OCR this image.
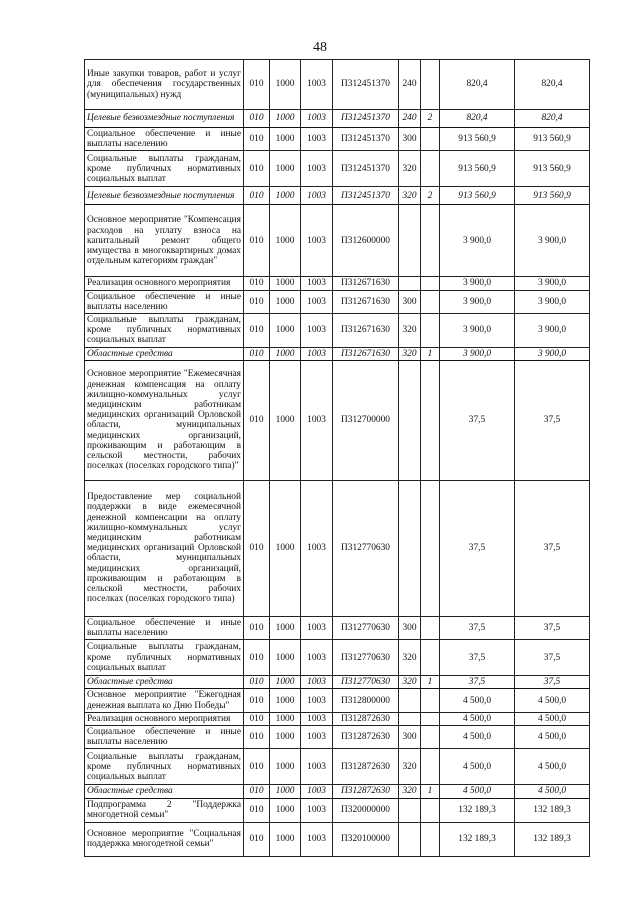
48
Иные закупки товаров, работ и услуг для обеспечения государственных (муниципальных) нужд	010	1000	1003	П312451370	240		820,4	820,4
Целевые безвозмездные поступления	010	1000	1003	П312451370	240	2	820,4	820,4
Социальное обеспечение и иные выплаты населению	010	1000	1003	П312451370	300		913 560,9	913 560,9
Социальные выплаты гражданам, кроме публичных нормативных социальных выплат	010	1000	1003	П312451370	320		913 560,9	913 560,9
Целевые безвозмездные поступления	010	1000	1003	П312451370	320	2	913 560,9	913 560,9
Основное мероприятие "Компенсация расходов на уплату взноса на капитальный ремонт общего имущества в многоквартирных домах отдельным категориям граждан"	010	1000	1003	П312600000			3 900,0	3 900,0
Реализация основного мероприятия	010	1000	1003	П312671630			3 900,0	3 900,0
Социальное обеспечение и иные выплаты населению	010	1000	1003	П312671630	300		3 900,0	3 900,0
Социальные выплаты гражданам, кроме публичных нормативных социальных выплат	010	1000	1003	П312671630	320		3 900,0	3 900,0
Областные средства	010	1000	1003	П312671630	320	1	3 900,0	3 900,0
Основное мероприятие "Ежемесячная денежная компенсация на оплату жилищно-коммунальных услуг медицинским работникам медицинских организаций Орловской области, муниципальных медицинских организаций, проживающим и работающим в сельской местности, рабочих поселках (поселках городского типа)"	010	1000	1003	П312700000			37,5	37,5
Предоставление мер социальной поддержки в виде ежемесячной денежной компенсации на оплату жилищно-коммунальных услуг медицинским работникам медицинских организаций Орловской области, муниципальных медицинских организаций, проживающим и работающим в сельской местности, рабочих поселках (поселках городского типа)	010	1000	1003	П312770630			37,5	37,5
Социальное обеспечение и иные выплаты населению	010	1000	1003	П312770630	300		37,5	37,5
Социальные выплаты гражданам, кроме публичных нормативных социальных выплат	010	1000	1003	П312770630	320		37,5	37,5
Областные средства	010	1000	1003	П312770630	320	1	37,5	37,5
Основное мероприятие "Ежегодная денежная выплата ко Дню Победы"	010	1000	1003	П312800000			4 500,0	4 500,0
Реализация основного мероприятия	010	1000	1003	П312872630			4 500,0	4 500,0
Социальное обеспечение и иные выплаты населению	010	1000	1003	П312872630	300		4 500,0	4 500,0
Социальные выплаты гражданам, кроме публичных нормативных социальных выплат	010	1000	1003	П312872630	320		4 500,0	4 500,0
Областные средства	010	1000	1003	П312872630	320	1	4 500,0	4 500,0
Подпрограмма 2 "Поддержка многодетной семьи"	010	1000	1003	П320000000			132 189,3	132 189,3
Основное мероприятие "Социальная поддержка многодетной семьи"	010	1000	1003	П320100000			132 189,3	132 189,3
